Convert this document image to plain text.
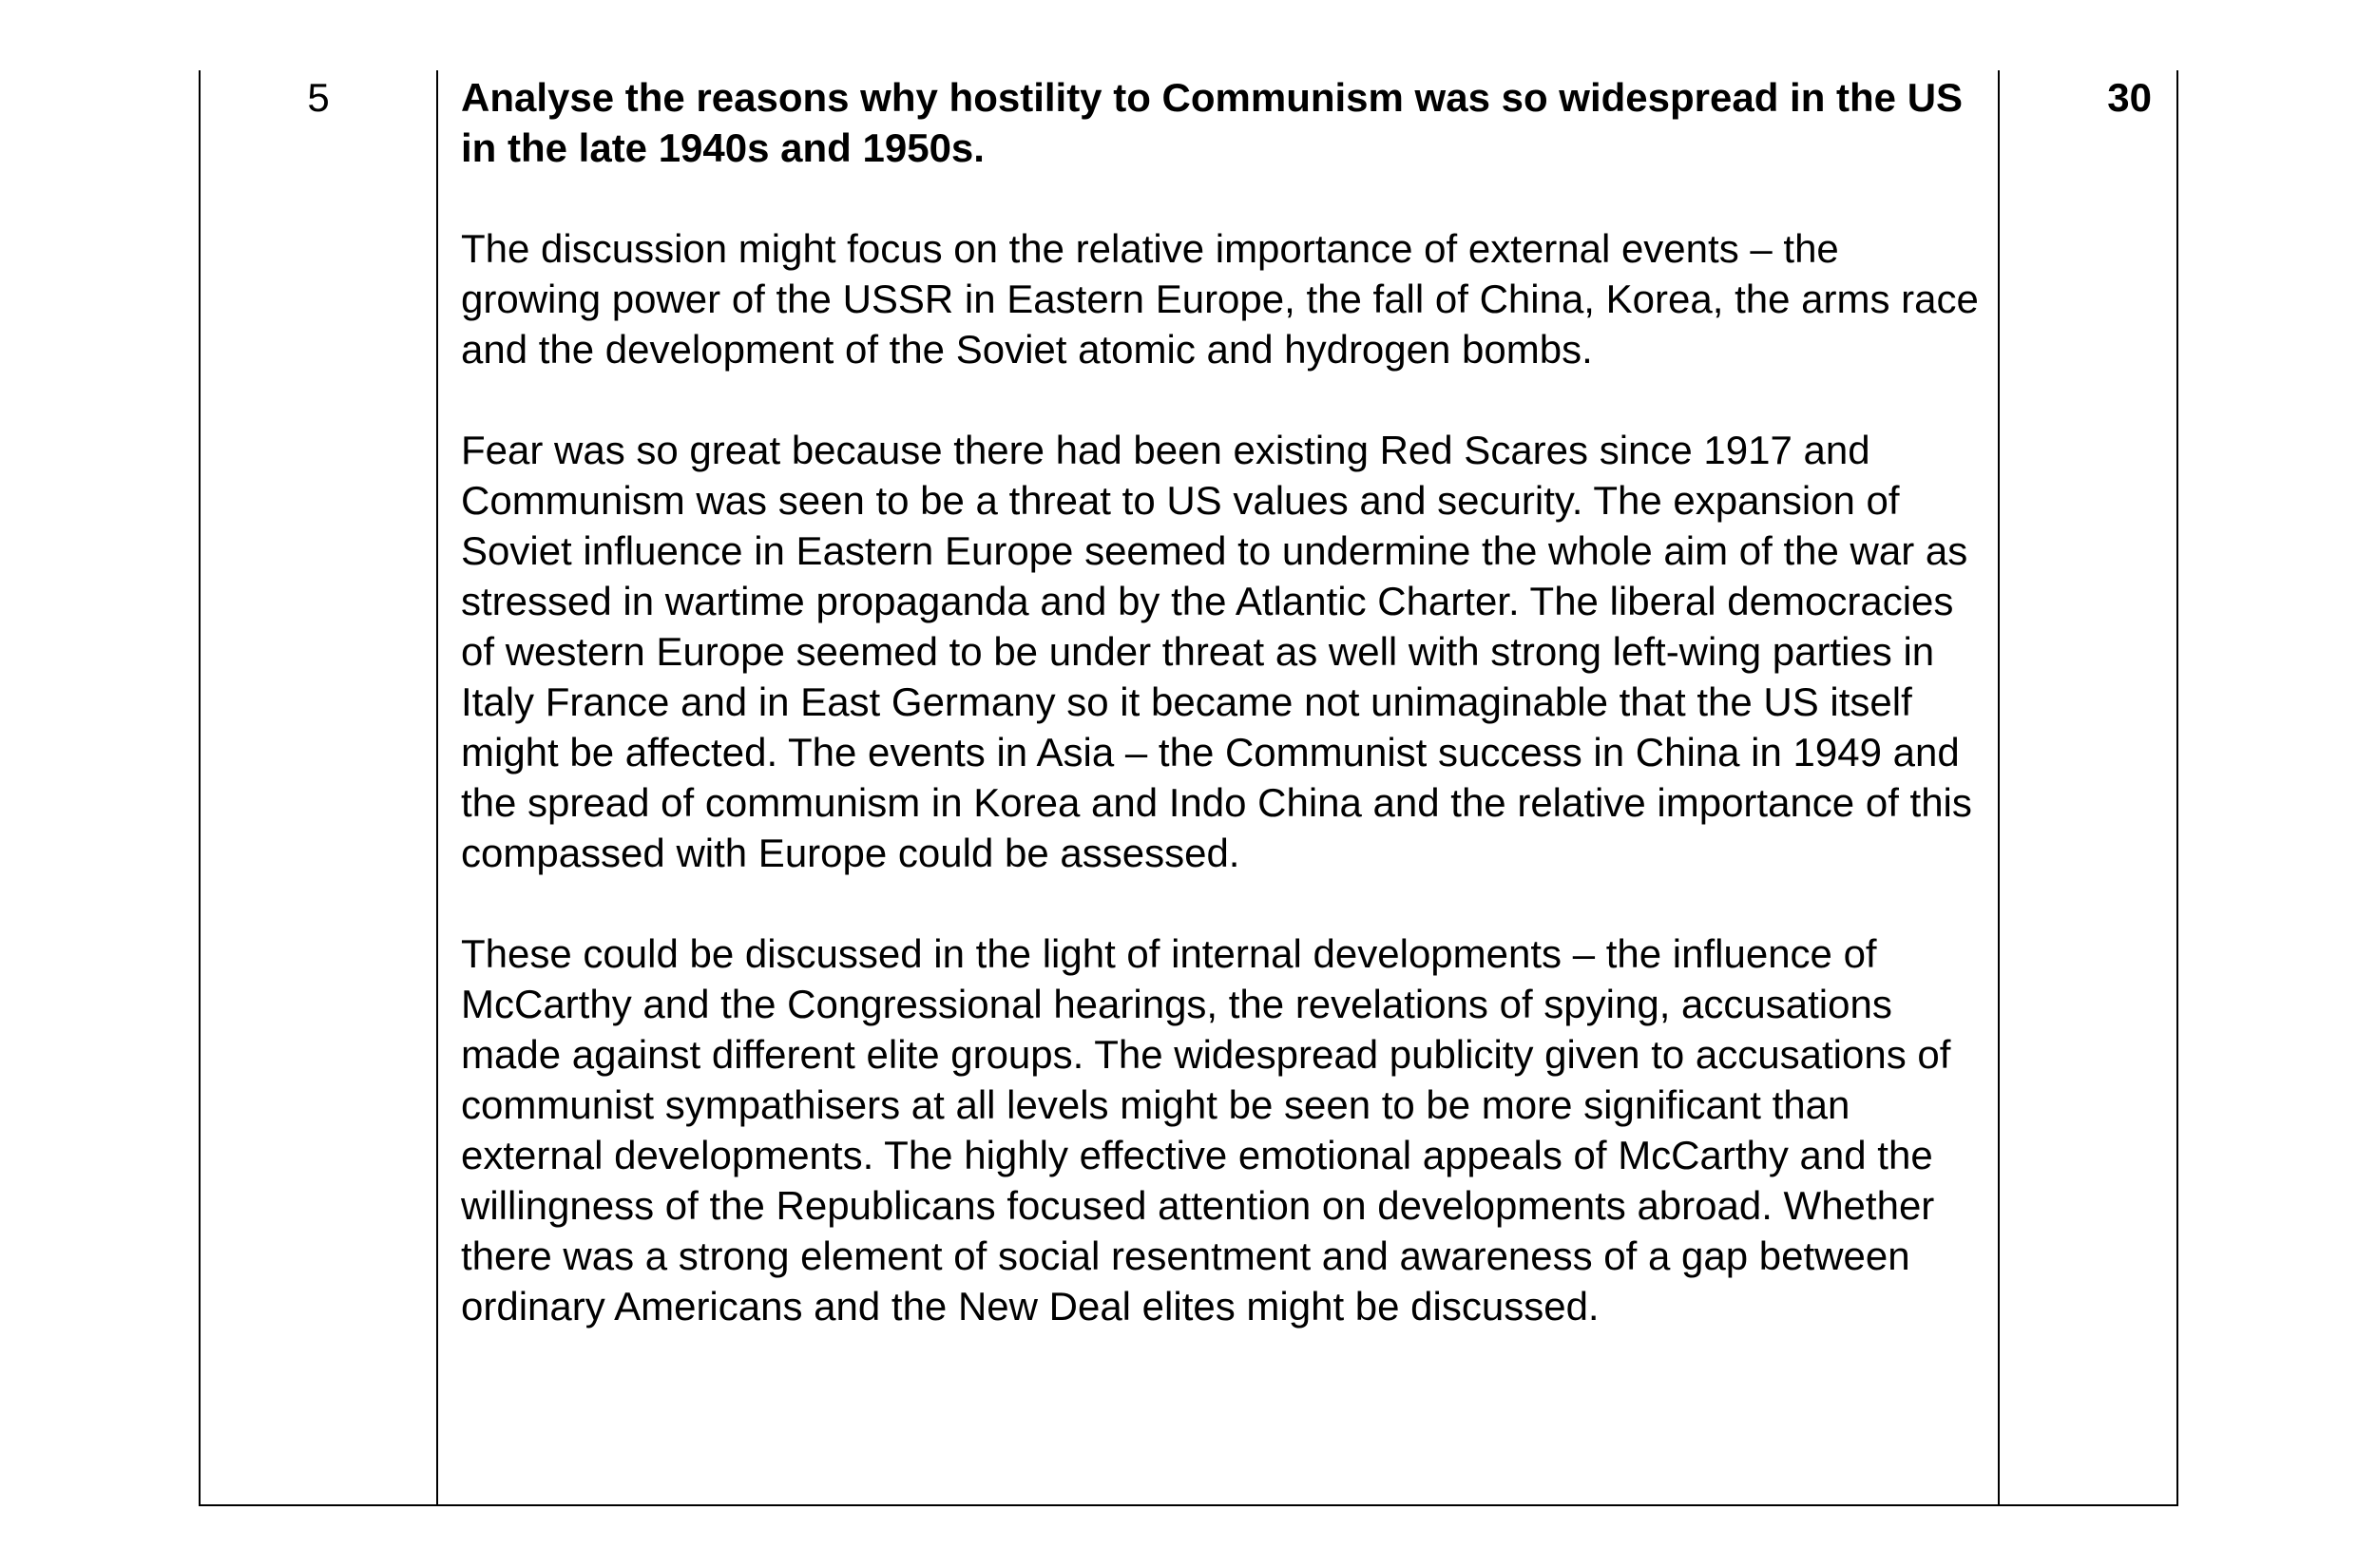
5	Analyse the reasons why hostility to Communism was so widespread in the US in the late 1940s and 1950s.

The discussion might focus on the relative importance of external events – the growing power of the USSR in Eastern Europe, the fall of China, Korea, the arms race and the development of the Soviet atomic and hydrogen bombs.

Fear was so great because there had been existing Red Scares since 1917 and Communism was seen to be a threat to US values and security. The expansion of Soviet influence in Eastern Europe seemed to undermine the whole aim of the war as stressed in wartime propaganda and by the Atlantic Charter. The liberal democracies of western Europe seemed to be under threat as well with strong left-wing parties in Italy France and in East Germany so it became not unimaginable that the US itself might be affected. The events in Asia – the Communist success in China in 1949 and the spread of communism in Korea and Indo China and the relative importance of this compassed with Europe could be assessed.

These could be discussed in the light of internal developments – the influence of McCarthy and the Congressional hearings, the revelations of spying, accusations made against different elite groups. The widespread publicity given to accusations of communist sympathisers at all levels might be seen to be more significant than external developments. The highly effective emotional appeals of McCarthy and the willingness of the Republicans focused attention on developments abroad. Whether there was a strong element of social resentment and awareness of a gap between ordinary Americans and the New Deal elites might be discussed.

30
